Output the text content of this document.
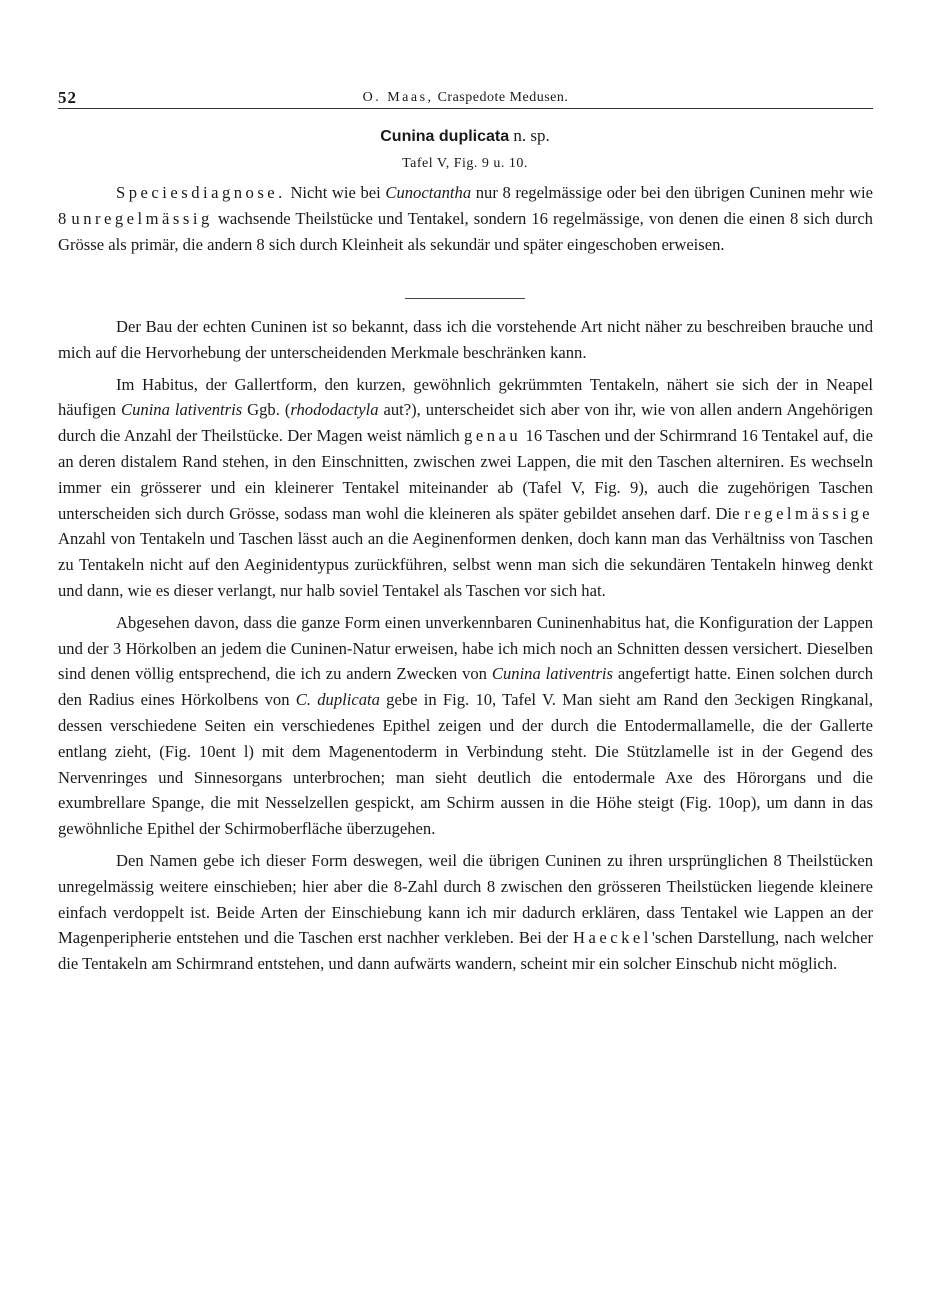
52	O. Maas, Craspedote Medusen.
Cunina duplicata n. sp.
Tafel V, Fig. 9 u. 10.

Speciesdiagnose. Nicht wie bei Cunoctantha nur 8 regelmässige oder bei den übrigen Cuninen mehr wie 8 unregelmässig wachsende Theilstücke und Tentakel, sondern 16 regelmässige, von denen die einen 8 sich durch Grösse als primär, die andern 8 sich durch Kleinheit als sekundär und später eingeschoben erweisen.

Der Bau der echten Cuninen ist so bekannt, dass ich die vorstehende Art nicht näher zu beschreiben brauche und mich auf die Hervorhebung der unterscheidenden Merkmale beschränken kann.

Im Habitus, der Gallertform, den kurzen, gewöhnlich gekrümmten Tentakeln, nähert sie sich der in Neapel häufigen Cunina lativentris Ggb. (rhododactyla aut?), unterscheidet sich aber von ihr, wie von allen andern Angehörigen durch die Anzahl der Theilstücke. Der Magen weist nämlich genau 16 Taschen und der Schirmrand 16 Tentakel auf, die an deren distalem Rand stehen, in den Einschnitten, zwischen zwei Lappen, die mit den Taschen alterniren. Es wechseln immer ein grösserer und ein kleinerer Tentakel miteinander ab (Tafel V, Fig. 9), auch die zugehörigen Taschen unterscheiden sich durch Grösse, sodass man wohl die kleineren als später gebildet ansehen darf. Die regelmässige Anzahl von Tentakeln und Taschen lässt auch an die Aeginenformen denken, doch kann man das Verhältniss von Taschen zu Tentakeln nicht auf den Aeginidentypus zurückführen, selbst wenn man sich die sekundären Tentakeln hinweg denkt und dann, wie es dieser verlangt, nur halb soviel Tentakel als Taschen vor sich hat.

Abgesehen davon, dass die ganze Form einen unverkennbaren Cuninenhabitus hat, die Konfiguration der Lappen und der 3 Hörkolben an jedem die Cuninen-Natur erweisen, habe ich mich noch an Schnitten dessen versichert. Dieselben sind denen völlig entsprechend, die ich zu andern Zwecken von Cunina lativentris angefertigt hatte. Einen solchen durch den Radius eines Hörkolbens von C. duplicata gebe in Fig. 10, Tafel V. Man sieht am Rand den 3eckigen Ringkanal, dessen verschiedene Seiten ein verschiedenes Epithel zeigen und der durch die Entodermallamelle, die der Gallerte entlang zieht, (Fig. 10ent l) mit dem Magenentoderm in Verbindung steht. Die Stützlamelle ist in der Gegend des Nervenringes und Sinnesorgans unterbrochen; man sieht deutlich die entodermale Axe des Hörorgans und die exumbrellare Spange, die mit Nesselzellen gespickt, am Schirm aussen in die Höhe steigt (Fig. 10op), um dann in das gewöhnliche Epithel der Schirmoberfläche überzugehen.

Den Namen gebe ich dieser Form deswegen, weil die übrigen Cuninen zu ihren ursprünglichen 8 Theilstücken unregelmässig weitere einschieben; hier aber die 8-Zahl durch 8 zwischen den grösseren Theilstücken liegende kleinere einfach verdoppelt ist. Beide Arten der Einschiebung kann ich mir dadurch erklären, dass Tentakel wie Lappen an der Magenperipherie entstehen und die Taschen erst nachher verkleben. Bei der Haeckel'schen Darstellung, nach welcher die Tentakeln am Schirmrand entstehen, und dann aufwärts wandern, scheint mir ein solcher Einschub nicht möglich.
